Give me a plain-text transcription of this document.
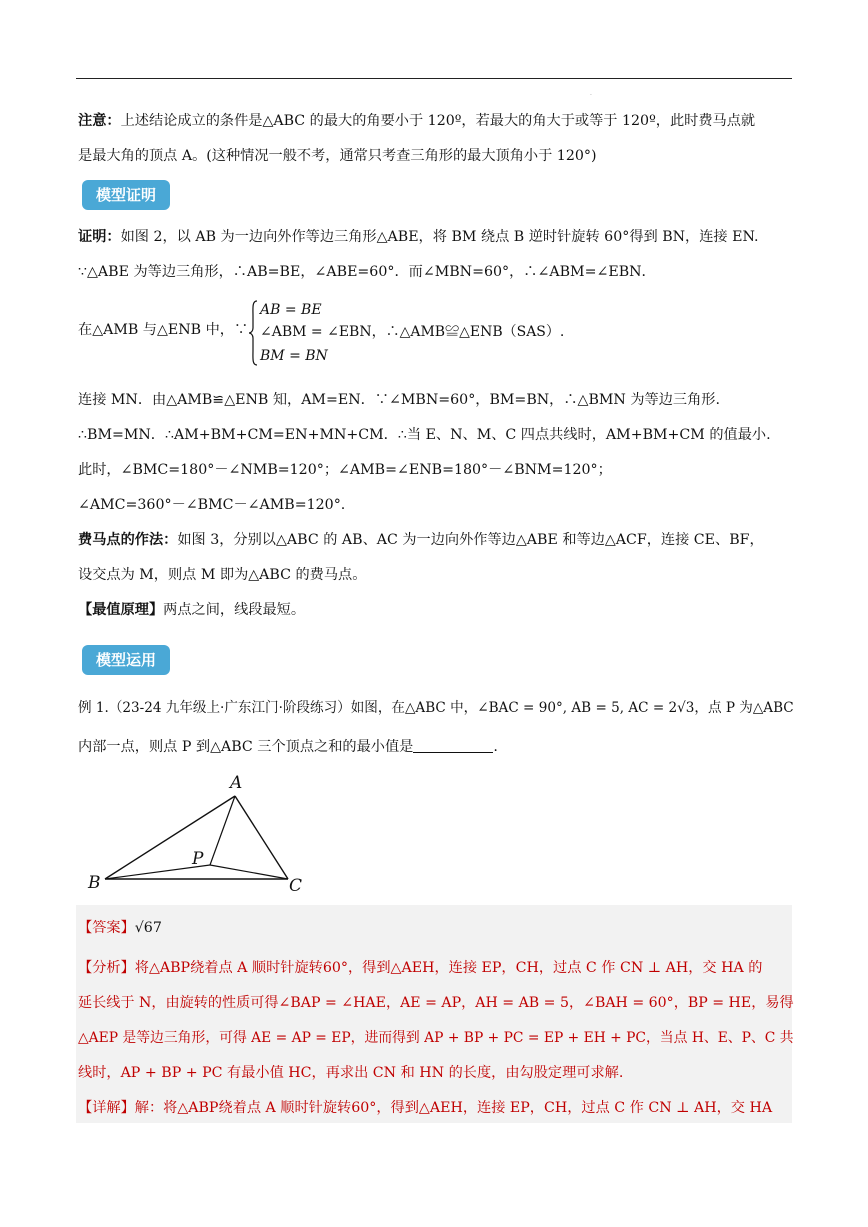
.
注意：上述结论成立的条件是△ABC 的最大的角要小于 120º，若最大的角大于或等于 120º，此时费马点就
是最大角的顶点 A。(这种情况一般不考，通常只考查三角形的最大顶角小于 120°)
模型证明
证明：如图 2，以 AB 为一边向外作等边三角形△ABE，将 BM 绕点 B 逆时针旋转 60°得到 BN，连接 EN.
∵△ABE 为等边三角形，∴AB=BE，∠ABE=60°．而∠MBN=60°，∴∠ABM=∠EBN．
在△AMB 与△ENB 中，∵
AB = BE
∠ABM = ∠EBN，∴△AMB≌△ENB（SAS）.
BM = BN
连接 MN．由△AMB≌△ENB 知，AM=EN．∵∠MBN=60°，BM=BN，∴△BMN 为等边三角形.
∴BM=MN．∴AM+BM+CM=EN+MN+CM．∴当 E、N、M、C 四点共线时，AM+BM+CM 的值最小.
此时，∠BMC=180°－∠NMB=120°；∠AMB=∠ENB=180°－∠BNM=120°；
∠AMC=360°－∠BMC－∠AMB=120°.
费马点的作法：如图 3，分别以△ABC 的 AB、AC 为一边向外作等边△ABE 和等边△ACF，连接 CE、BF，
设交点为 M，则点 M 即为△ABC 的费马点。
【最值原理】两点之间，线段最短。
模型运用
例 1.（23-24 九年级上·广东江门·阶段练习）如图，在△ABC 中，∠BAC = 90°, AB = 5, AC = 2√3，点 P 为△ABC
内部一点，则点 P 到△ABC 三个顶点之和的最小值是	.
A
B	C
P
【答案】√67
【分析】将△ABP绕着点 A 顺时针旋转60°，得到△AEH，连接 EP，CH，过点 C 作 CN ⊥ AH，交 HA 的
延长线于 N，由旋转的性质可得∠BAP = ∠HAE，AE = AP，AH = AB = 5，∠BAH = 60°，BP = HE，易得
△AEP 是等边三角形，可得 AE = AP = EP，进而得到 AP + BP + PC = EP + EH + PC，当点 H、E、P、C 共
线时，AP + BP + PC 有最小值 HC，再求出 CN 和 HN 的长度，由勾股定理可求解.
【详解】解：将△ABP绕着点 A 顺时针旋转60°，得到△AEH，连接 EP，CH，过点 C 作 CN ⊥ AH，交 HA
